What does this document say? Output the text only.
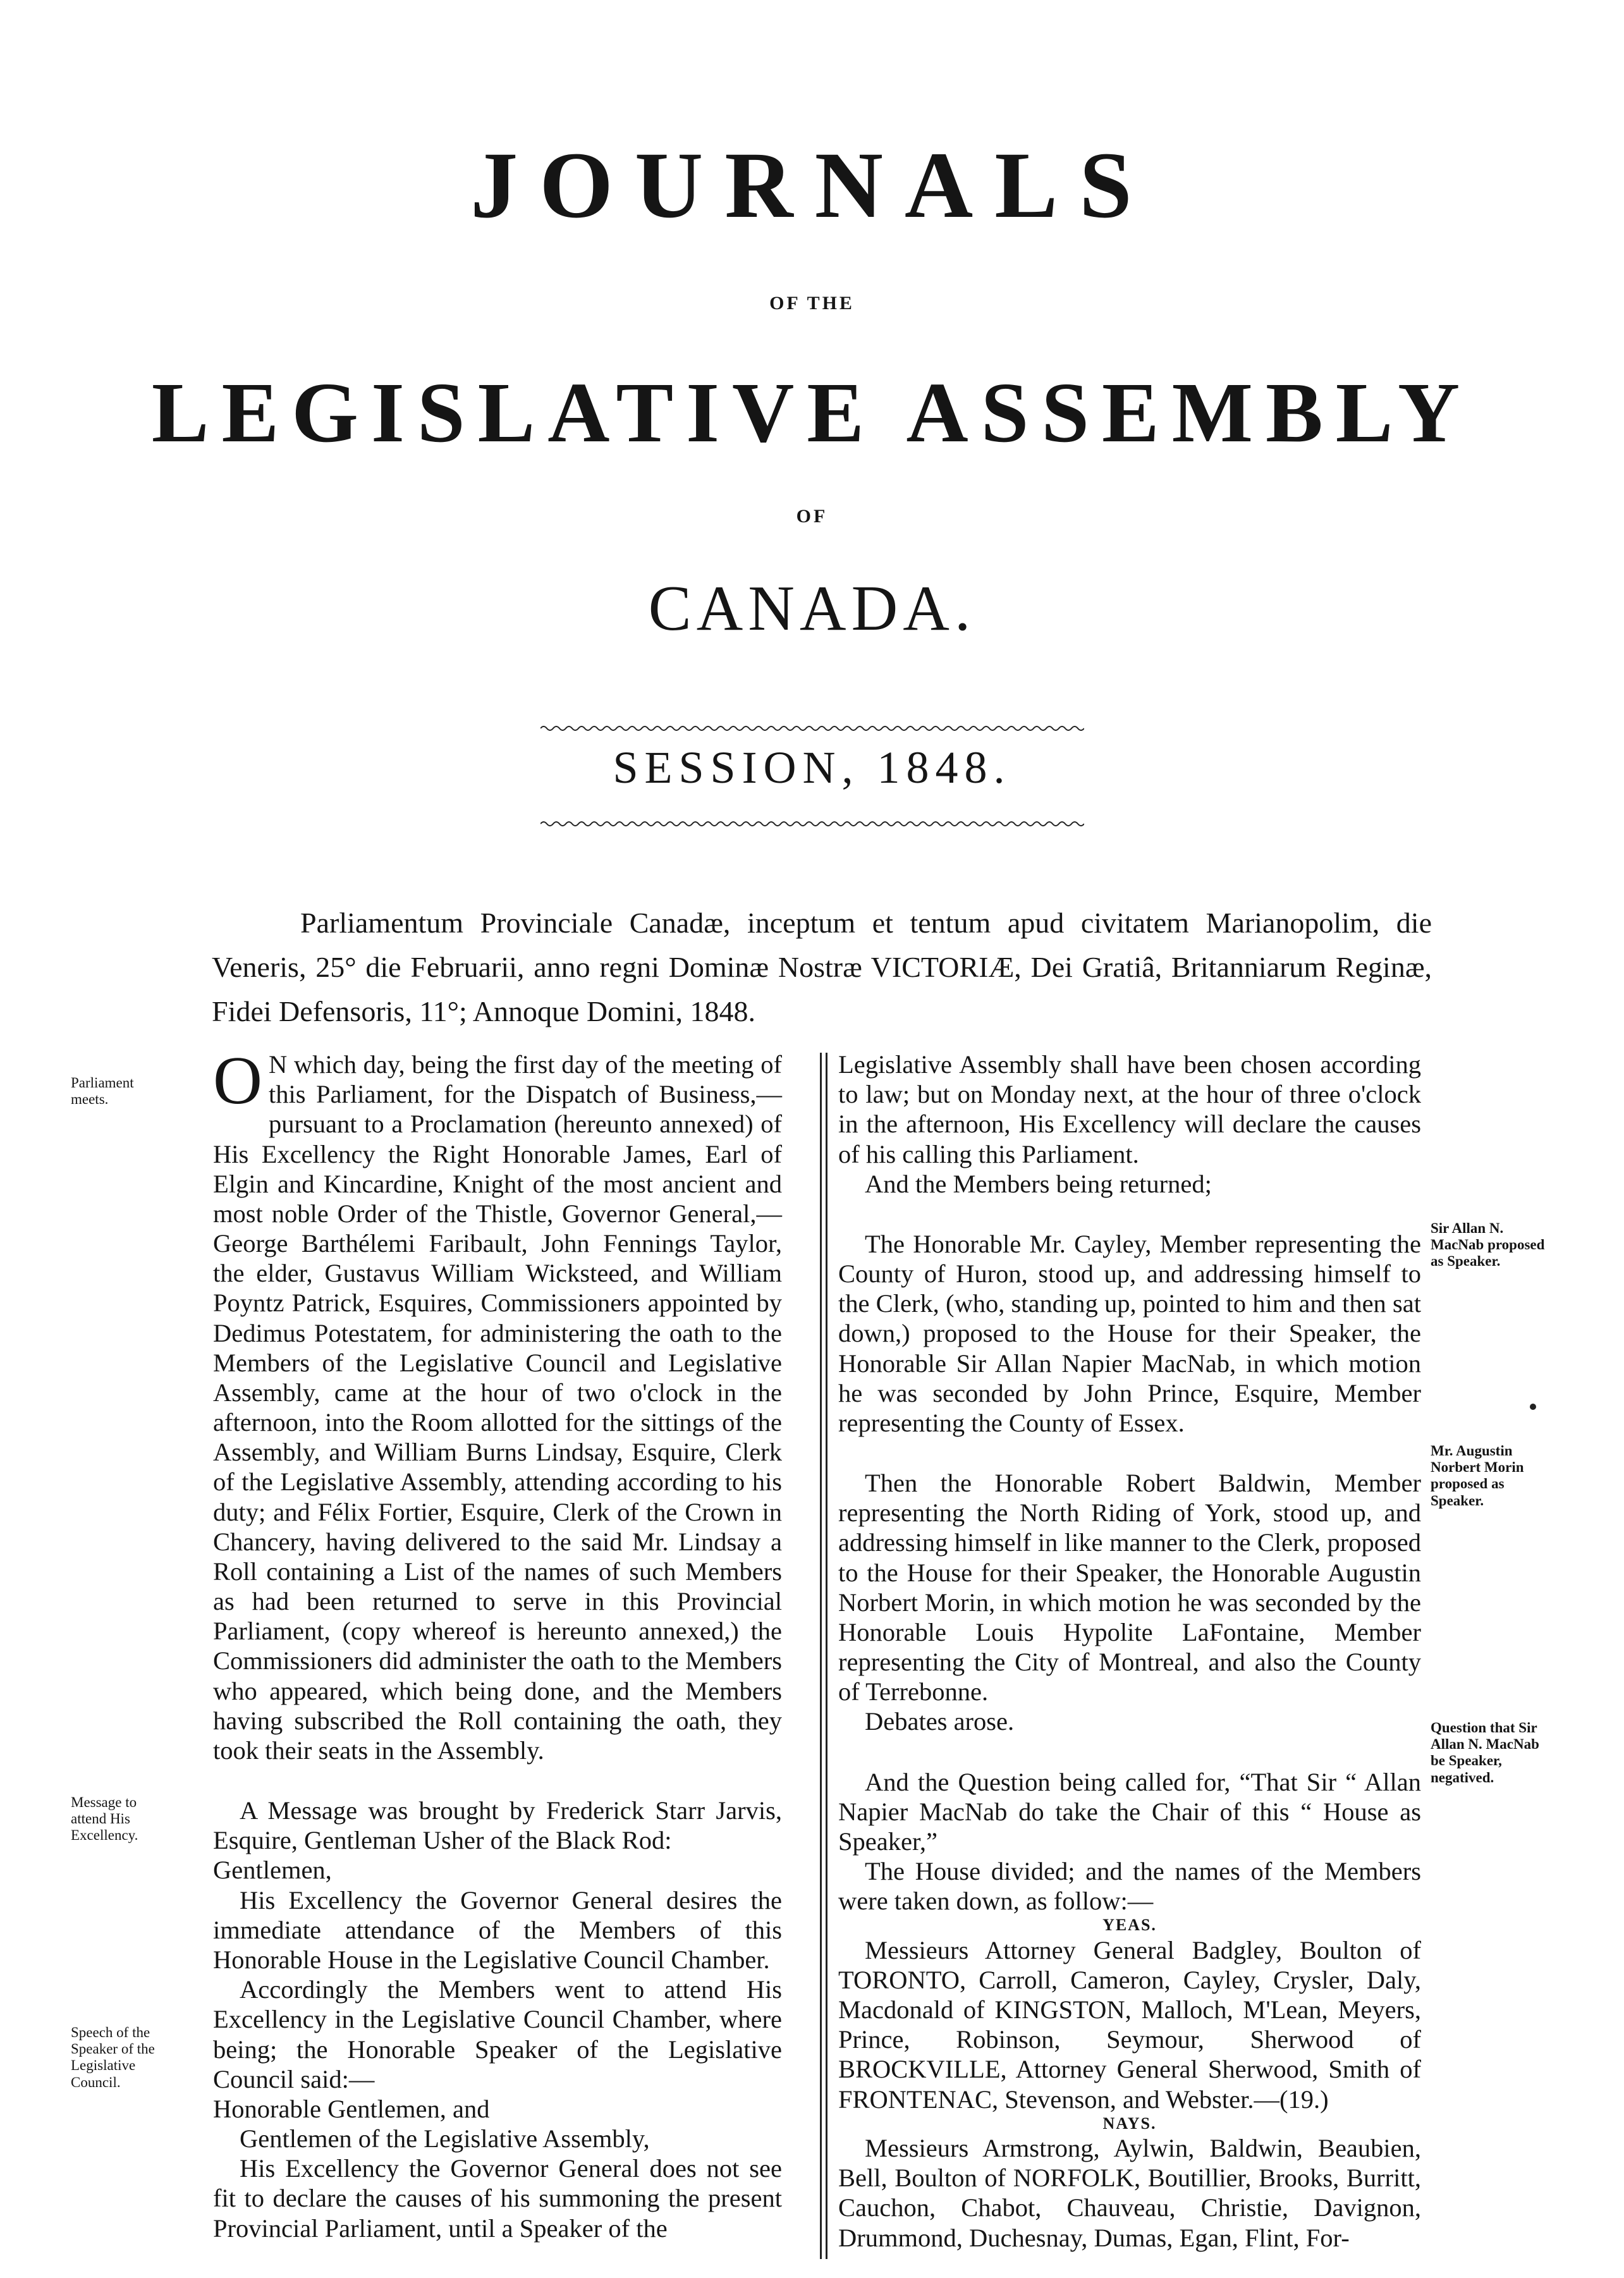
JOURNALS
OF THE
LEGISLATIVE ASSEMBLY
OF
CANADA.
SESSION, 1848.
Parliamentum Provinciale Canadæ, inceptum et tentum apud civitatem Marianopolim, die Veneris, 25° die Februarii, anno regni Dominæ Nostræ VICTORIÆ, Dei Gratiâ, Britanniarum Reginæ, Fidei Defensoris, 11°; Annoque Domini, 1848.
Parliament meets.
Message to attend His Excellency.
Speech of the Speaker of the Legislative Council.
Sir Allan N. MacNab proposed as Speaker.
Mr. Augustin Norbert Morin proposed as Speaker.
Question that Sir Allan N. MacNab be Speaker, negatived.

O N which day, being the first day of the meeting of this Parliament, for the Dispatch of Business,—pursuant to a Proclamation (hereunto annexed) of His Excellency the Right Honorable James, Earl of Elgin and Kincardine, Knight of the most ancient and most noble Order of the Thistle, Governor General,—George Barthélemi Faribault, John Fennings Taylor, the elder, Gustavus William Wicksteed, and William Poyntz Patrick, Esquires, Commissioners appointed by Dedimus Potestatem, for administering the oath to the Members of the Legislative Council and Legislative Assembly, came at the hour of two o'clock in the afternoon, into the Room allotted for the sittings of the Assembly, and William Burns Lindsay, Esquire, Clerk of the Legislative Assembly, attending according to his duty; and Félix Fortier, Esquire, Clerk of the Crown in Chancery, having delivered to the said Mr. Lindsay a Roll containing a List of the names of such Members as had been returned to serve in this Provincial Parliament, (copy whereof is hereunto annexed,) the Commissioners did administer the oath to the Members who appeared, which being done, and the Members having subscribed the Roll containing the oath, they took their seats in the Assembly.

A Message was brought by Frederick Starr Jarvis, Esquire, Gentleman Usher of the Black Rod:

Gentlemen,

His Excellency the Governor General desires the immediate attendance of the Members of this Honorable House in the Legislative Council Chamber.

Accordingly the Members went to attend His Excellency in the Legislative Council Chamber, where being; the Honorable Speaker of the Legislative Council said:—

Honorable Gentlemen, and

Gentlemen of the Legislative Assembly,

His Excellency the Governor General does not see fit to declare the causes of his summoning the present Provincial Parliament, until a Speaker of the

Legislative Assembly shall have been chosen according to law; but on Monday next, at the hour of three o'clock in the afternoon, His Excellency will declare the causes of his calling this Parliament.

And the Members being returned;

The Honorable Mr. Cayley, Member representing the County of Huron, stood up, and addressing himself to the Clerk, (who, standing up, pointed to him and then sat down,) proposed to the House for their Speaker, the Honorable Sir Allan Napier MacNab, in which motion he was seconded by John Prince, Esquire, Member representing the County of Essex.

Then the Honorable Robert Baldwin, Member representing the North Riding of York, stood up, and addressing himself in like manner to the Clerk, proposed to the House for their Speaker, the Honorable Augustin Norbert Morin, in which motion he was seconded by the Honorable Louis Hypolite LaFontaine, Member representing the City of Montreal, and also the County of Terrebonne.

Debates arose.

And the Question being called for, “That Sir “ Allan Napier MacNab do take the Chair of this “ House as Speaker,”

The House divided; and the names of the Members were taken down, as follow:—

YEAS.

Messieurs Attorney General Badgley, Boulton of TORONTO, Carroll, Cameron, Cayley, Crysler, Daly, Macdonald of KINGSTON, Malloch, M'Lean, Meyers, Prince, Robinson, Seymour, Sherwood of BROCKVILLE, Attorney General Sherwood, Smith of FRONTENAC, Stevenson, and Webster.—(19.)

NAYS.

Messieurs Armstrong, Aylwin, Baldwin, Beaubien, Bell, Boulton of NORFOLK, Boutillier, Brooks, Burritt, Cauchon, Chabot, Chauveau, Christie, Davignon, Drummond, Duchesnay, Dumas, Egan, Flint, For-
